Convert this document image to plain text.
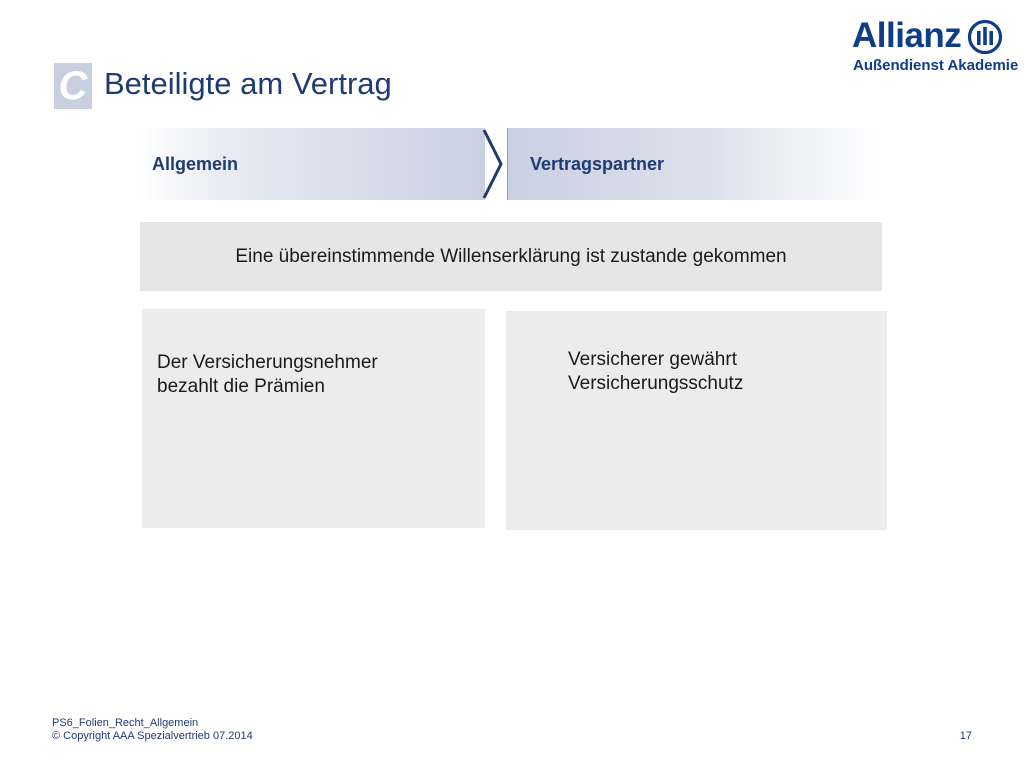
C Beteiligte am Vertrag
Allianz
Außendienst Akademie
Allgemein	Vertragspartner
Eine übereinstimmende Willenserklärung ist zustande gekommen
Der Versicherungsnehmer
bezahlt die Prämien
Versicherer gewährt
Versicherungsschutz
PS6_Folien_Recht_Allgemein
© Copyright AAA Spezialvertrieb 07.2014	17
